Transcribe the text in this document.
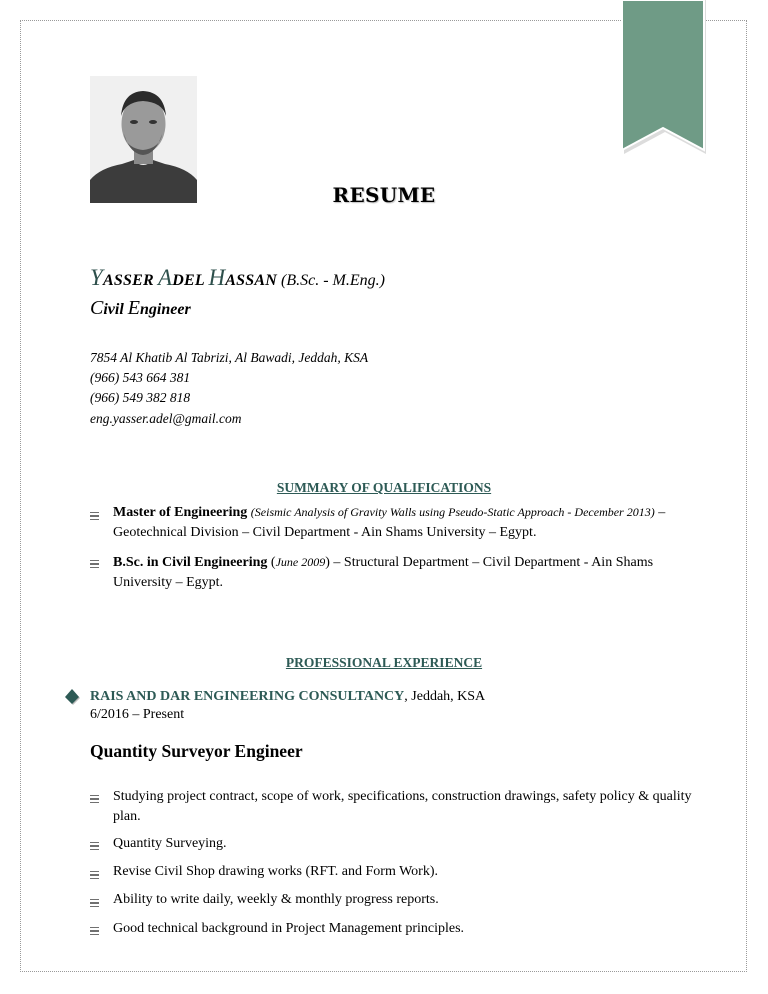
RESUME
YASSER ADEL HASSAN (B.Sc. - M.Eng.)
Civil Engineer
7854 Al Khatib Al Tabrizi, Al Bawadi, Jeddah, KSA
(966) 543 664 381
(966) 549 382 818
eng.yasser.adel@gmail.com
SUMMARY OF QUALIFICATIONS
Master of Engineering (Seismic Analysis of Gravity Walls using Pseudo-Static Approach - December 2013) – Geotechnical Division – Civil Department - Ain Shams University – Egypt.
B.Sc. in Civil Engineering (June 2009) – Structural Department – Civil Department - Ain Shams University – Egypt.
PROFESSIONAL EXPERIENCE
RAIS AND DAR ENGINEERING CONSULTANCY, Jeddah, KSA
6/2016 – Present
Quantity Surveyor Engineer
Studying project contract, scope of work, specifications, construction drawings, safety policy & quality plan.
Quantity Surveying.
Revise Civil Shop drawing works (RFT. and Form Work).
Ability to write daily, weekly & monthly progress reports.
Good technical background in Project Management principles.
